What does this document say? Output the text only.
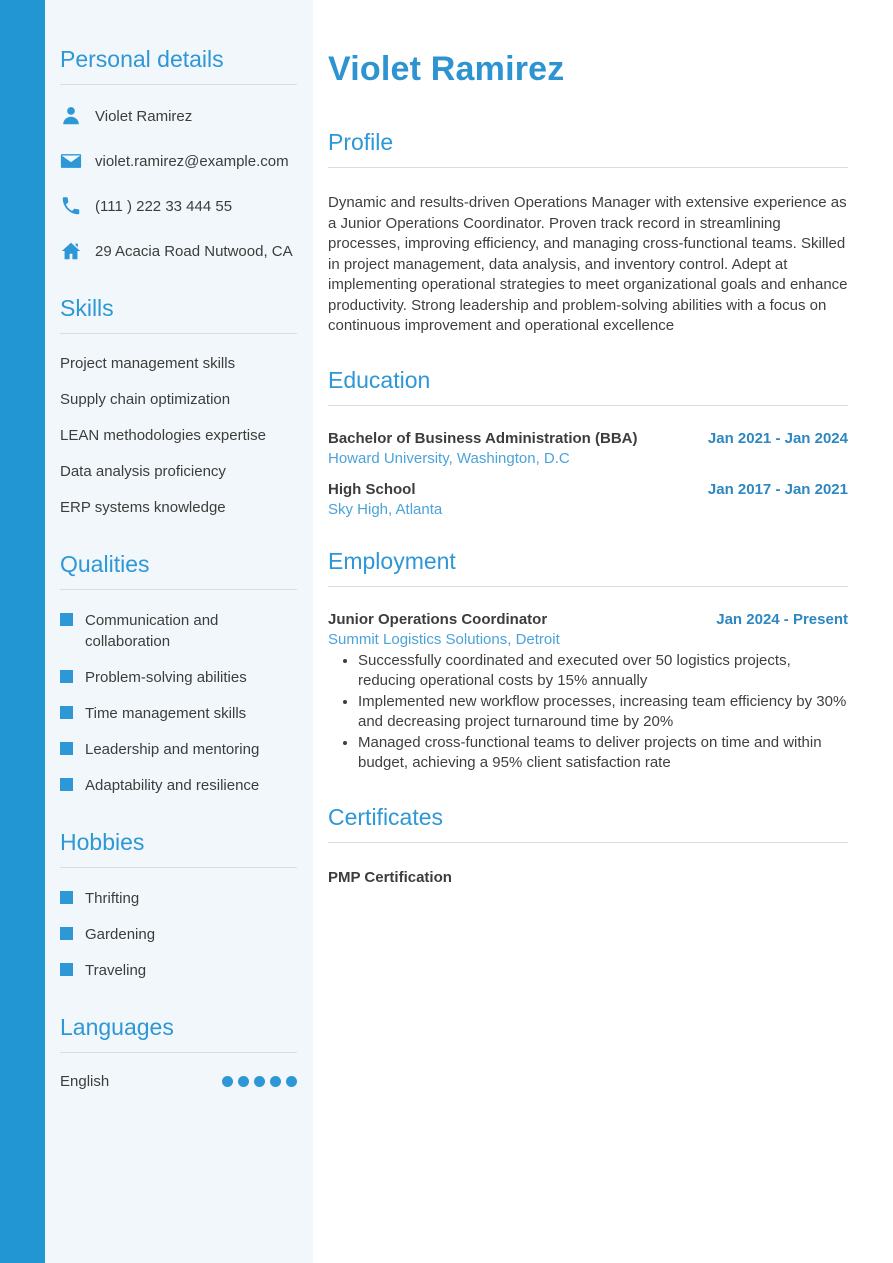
Personal details
Violet Ramirez
violet.ramirez@example.com
(111 ) 222 33 444 55
29 Acacia Road Nutwood, CA
Skills
Project management skills
Supply chain optimization
LEAN methodologies expertise
Data analysis proficiency
ERP systems knowledge
Qualities
Communication and collaboration
Problem-solving abilities
Time management skills
Leadership and mentoring
Adaptability and resilience
Hobbies
Thrifting
Gardening
Traveling
Languages
English
Violet Ramirez
Profile

Dynamic and results-driven Operations Manager with extensive experience as a Junior Operations Coordinator. Proven track record in streamlining processes, improving efficiency, and managing cross-functional teams. Skilled in project management, data analysis, and inventory control. Adept at implementing operational strategies to meet organizational goals and enhance productivity. Strong leadership and problem-solving abilities with a focus on continuous improvement and operational excellence

Education
Bachelor of Business Administration (BBA)	Jan 2021 - Jan 2024
Howard University, Washington, D.C
High School	Jan 2017 - Jan 2021
Sky High, Atlanta
Employment
Junior Operations Coordinator	Jan 2024 - Present
Summit Logistics Solutions, Detroit
• Successfully coordinated and executed over 50 logistics projects, reducing operational costs by 15% annually
• Implemented new workflow processes, increasing team efficiency by 30% and decreasing project turnaround time by 20%
• Managed cross-functional teams to deliver projects on time and within budget, achieving a 95% client satisfaction rate
Certificates
PMP Certification
